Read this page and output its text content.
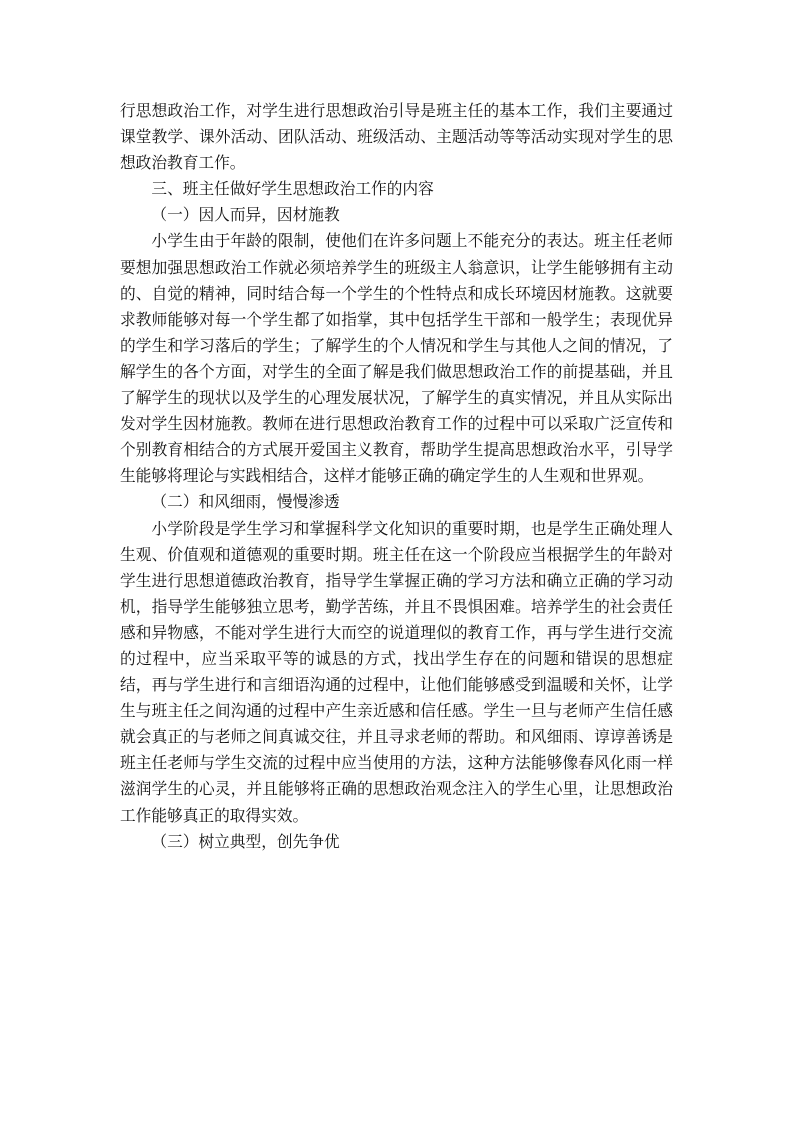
行思想政治工作，对学生进行思想政治引导是班主任的基本工作，我们主要通过课堂教学、课外活动、团队活动、班级活动、主题活动等等活动实现对学生的思想政治教育工作。

三、班主任做好学生思想政治工作的内容

（一）因人而异，因材施教

小学生由于年龄的限制，使他们在许多问题上不能充分的表达。班主任老师要想加强思想政治工作就必须培养学生的班级主人翁意识，让学生能够拥有主动的、自觉的精神，同时结合每一个学生的个性特点和成长环境因材施教。这就要求教师能够对每一个学生都了如指掌，其中包括学生干部和一般学生；表现优异的学生和学习落后的学生；了解学生的个人情况和学生与其他人之间的情况，了解学生的各个方面，对学生的全面了解是我们做思想政治工作的前提基础，并且了解学生的现状以及学生的心理发展状况，了解学生的真实情况，并且从实际出发对学生因材施教。教师在进行思想政治教育工作的过程中可以采取广泛宣传和个别教育相结合的方式展开爱国主义教育，帮助学生提高思想政治水平，引导学生能够将理论与实践相结合，这样才能够正确的确定学生的人生观和世界观。

（二）和风细雨，慢慢渗透

小学阶段是学生学习和掌握科学文化知识的重要时期，也是学生正确处理人生观、价值观和道德观的重要时期。班主任在这一个阶段应当根据学生的年龄对学生进行思想道德政治教育，指导学生掌握正确的学习方法和确立正确的学习动机，指导学生能够独立思考，勤学苦练，并且不畏惧困难。培养学生的社会责任感和异物感，不能对学生进行大而空的说道理似的教育工作，再与学生进行交流的过程中，应当采取平等的诚恳的方式，找出学生存在的问题和错误的思想症结，再与学生进行和言细语沟通的过程中，让他们能够感受到温暖和关怀，让学生与班主任之间沟通的过程中产生亲近感和信任感。学生一旦与老师产生信任感就会真正的与老师之间真诚交往，并且寻求老师的帮助。和风细雨、谆谆善诱是班主任老师与学生交流的过程中应当使用的方法，这种方法能够像春风化雨一样滋润学生的心灵，并且能够将正确的思想政治观念注入的学生心里，让思想政治工作能够真正的取得实效。

（三）树立典型，创先争优
